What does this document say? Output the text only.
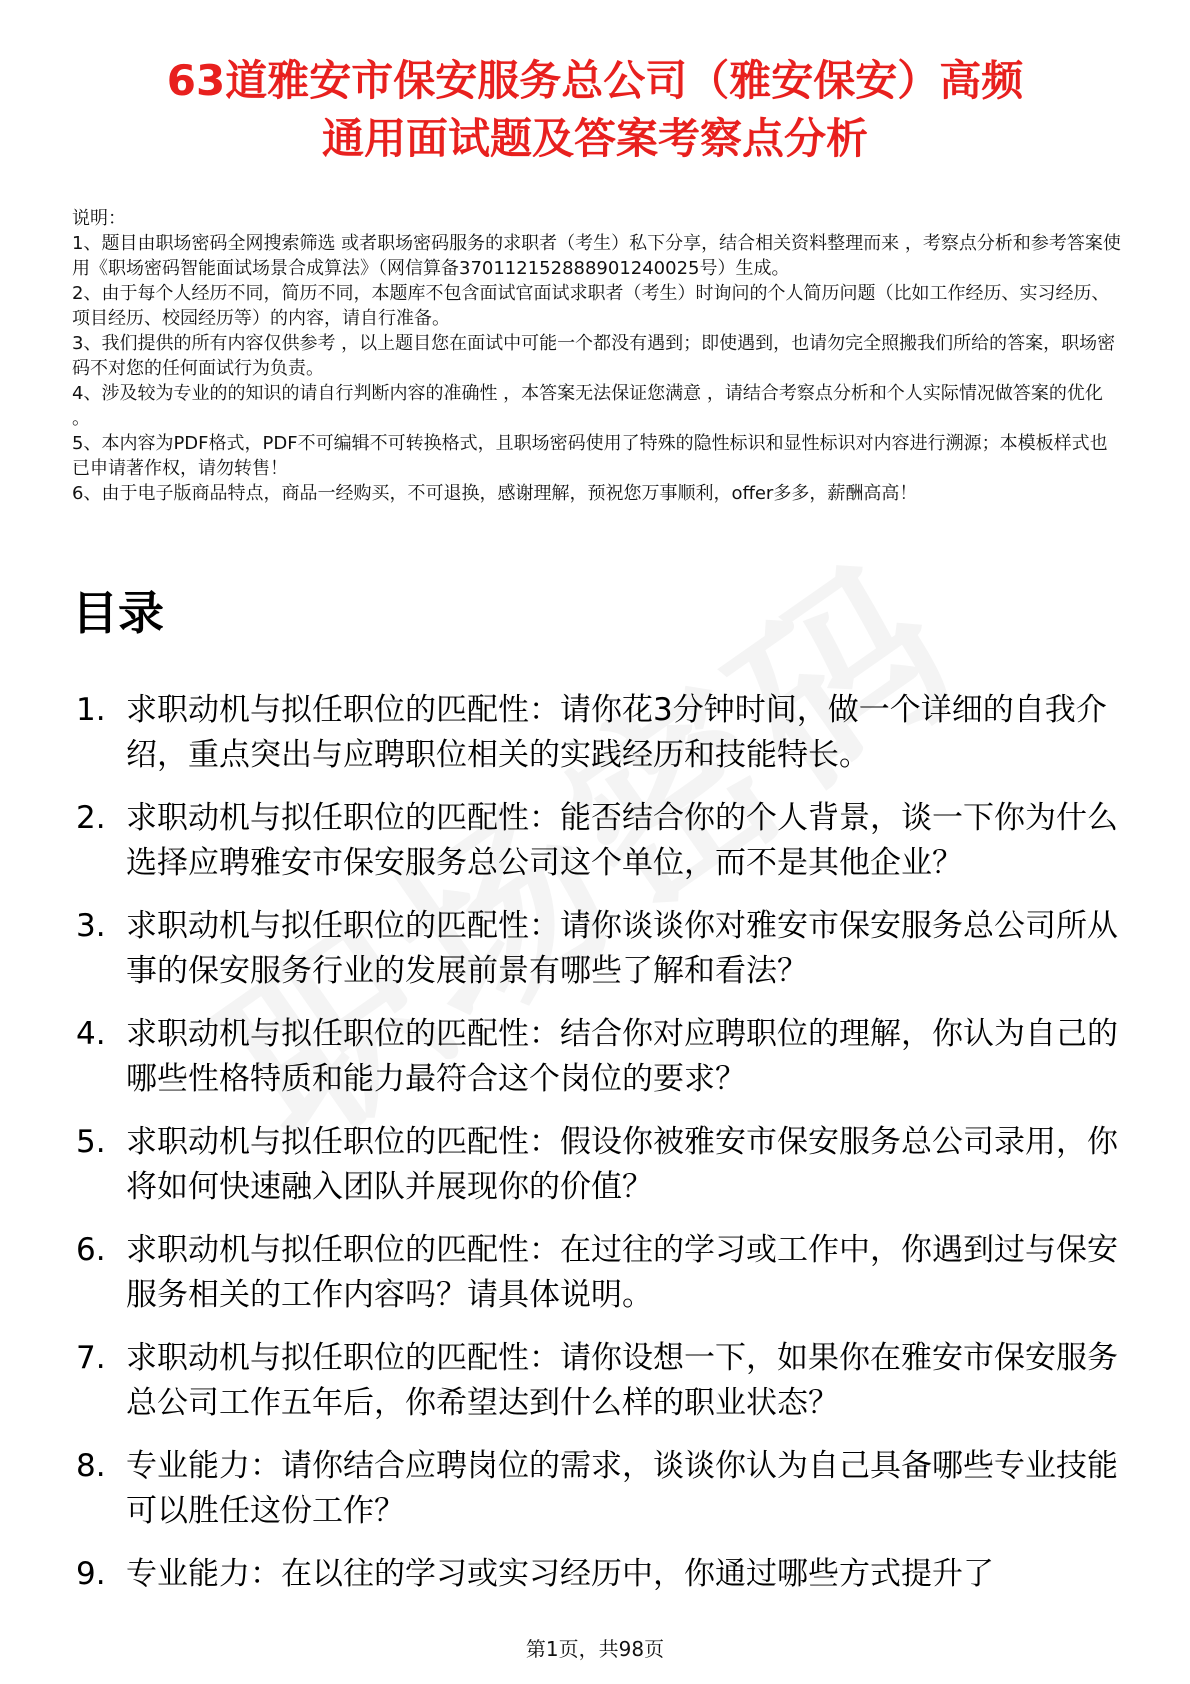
63道雅安市保安服务总公司（雅安保安）高频
通用面试题及答案考察点分析

说明：

1、题目由职场密码全网搜索筛选 或者职场密码服务的求职者（考生）私下分享，结合相关资料整理而来 ，考察点分析和参考答案使用《职场密码智能面试场景合成算法》（网信算备370112152888901240025号）生成。

2、由于每个人经历不同，简历不同，本题库不包含面试官面试求职者（考生）时询问的个人简历问题（比如工作经历、实习经历、项目经历、校园经历等）的内容，请自行准备。

3、我们提供的所有内容仅供参考 ，以上题目您在面试中可能一个都没有遇到；即使遇到，也请勿完全照搬我们所给的答案，职场密码不对您的任何面试行为负责。

4、涉及较为专业的的知识的请自行判断内容的准确性 ，本答案无法保证您满意 ，请结合考察点分析和个人实际情况做答案的优化 。

5、本内容为PDF格式，PDF不可编辑不可转换格式，且职场密码使用了特殊的隐性标识和显性标识对内容进行溯源；本模板样式也已申请著作权，请勿转售！

6、由于电子版商品特点，商品一经购买，不可退换，感谢理解，预祝您万事顺利，offer多多，薪酬高高！

目录
1. 求职动机与拟任职位的匹配性：请你花3分钟时间，做一个详细的自我介绍，重点突出与应聘职位相关的实践经历和技能特长。
2. 求职动机与拟任职位的匹配性：能否结合你的个人背景，谈一下你为什么选择应聘雅安市保安服务总公司这个单位，而不是其他企业？
3. 求职动机与拟任职位的匹配性：请你谈谈你对雅安市保安服务总公司所从事的保安服务行业的发展前景有哪些了解和看法？
4. 求职动机与拟任职位的匹配性：结合你对应聘职位的理解，你认为自己的哪些性格特质和能力最符合这个岗位的要求？
5. 求职动机与拟任职位的匹配性：假设你被雅安市保安服务总公司录用，你将如何快速融入团队并展现你的价值？
6. 求职动机与拟任职位的匹配性：在过往的学习或工作中，你遇到过与保安服务相关的工作内容吗？请具体说明。
7. 求职动机与拟任职位的匹配性：请你设想一下，如果你在雅安市保安服务总公司工作五年后，你希望达到什么样的职业状态？
8. 专业能力：请你结合应聘岗位的需求，谈谈你认为自己具备哪些专业技能可以胜任这份工作？
9. 专业能力：在以往的学习或实习经历中，你通过哪些方式提升了
第1页，共98页
